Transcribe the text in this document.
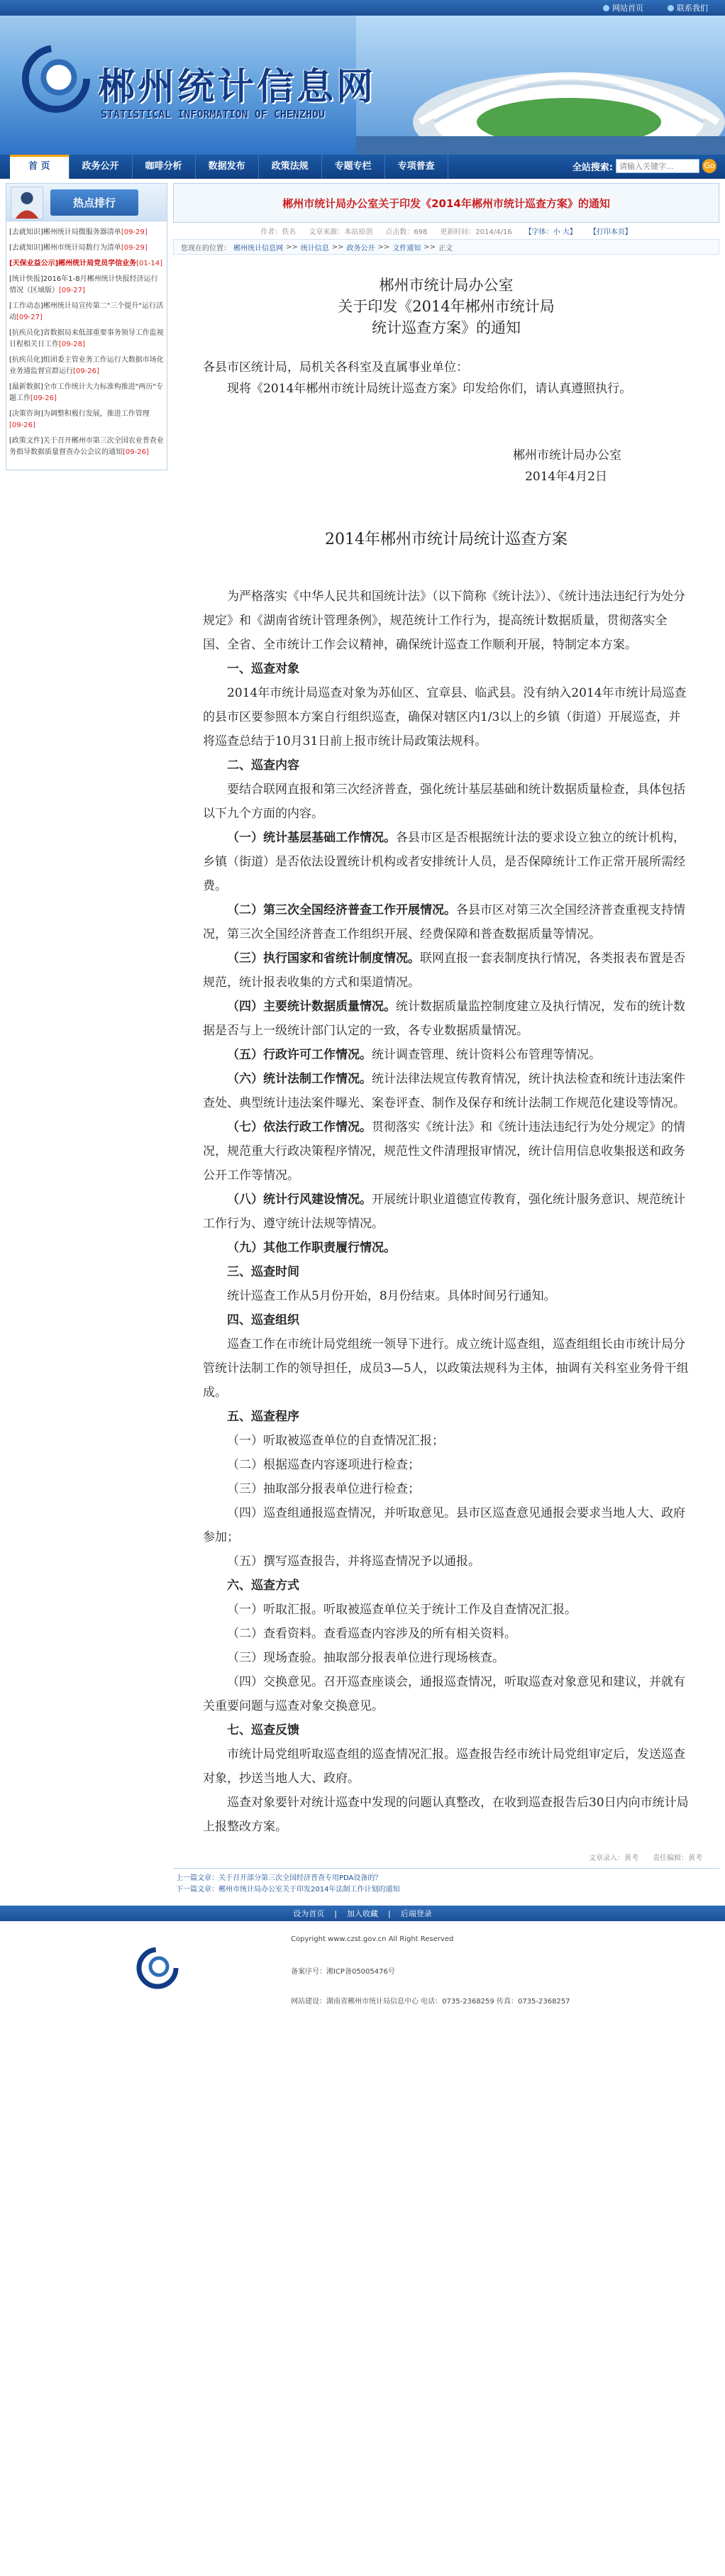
网站首页	联系我们
郴州统计信息网
STATISTICAL INFORMATION OF CHENZHOU
首 页	政务公开	咖啡分析	数据发布	政策法规	专题专栏	专项普查	全站搜索:
请输入关键字...	Go
热点排行
[去就知识]郴州统计局微服务器清单[09-29]
[去就知识]郴州市统计局数行为清单[09-29]
[天保业益公示]郴州统计局党员学信业务[01-14]
[统计快报]2016年1-8月郴州统计快报经济运行情况（区域版）[09-27]
[工作动态]郴州统计局宣传第二"三个提升"运行活动[09-27]
[抗疾员化]省数据局来低部重要事务领导工作监视日程相关日工作[09-28]
[抗疾员化]组团委主管业务工作运行大数据市场化业务通监督宣群运行[09-26]
[最新数据]全市工作统计大力标准构推进"两历"专题工作[09-26]
[决策咨询]为调整积极行发展，推进工作管理[09-26]
[政策文件]关于召开郴州市第三次全国农业普查业务指导数据质量督查办公会议的通知[09-26]
郴州市统计局办公室关于印发《2014年郴州市统计巡查方案》的通知
作者：佚名 文章来源：本站原创 点击数：698 更新时间：2014/4/16 【字体：小 大】 【打印本页】
您现在的位置： 郴州统计信息网 >> 统计信息 >> 政务公开 >> 文件通知 >> 正文
郴州市统计局办公室
关于印发《2014年郴州市统计局
统计巡查方案》的通知
各县市区统计局，局机关各科室及直属事业单位：
现将《2014年郴州市统计局统计巡查方案》印发给你们，请认真遵照执行。
郴州市统计局办公室
2014年4月2日
2014年郴州市统计局统计巡查方案
为严格落实《中华人民共和国统计法》（以下简称《统计法》）、《统计违法违纪行为处分规定》和《湖南省统计管理条例》，规范统计工作行为，提高统计数据质量，贯彻落实全国、全省、全市统计工作会议精神，确保统计巡查工作顺利开展，特制定本方案。
一、巡查对象
2014年市统计局巡查对象为苏仙区、宜章县、临武县。没有纳入2014年市统计局巡查的县市区要参照本方案自行组织巡查，确保对辖区内1/3以上的乡镇（街道）开展巡查，并将巡查总结于10月31日前上报市统计局政策法规科。
二、巡查内容
要结合联网直报和第三次经济普查，强化统计基层基础和统计数据质量检查，具体包括以下九个方面的内容。
（一）统计基层基础工作情况。各县市区是否根据统计法的要求设立独立的统计机构，乡镇（街道）是否依法设置统计机构或者安排统计人员，是否保障统计工作正常开展所需经费。
（二）第三次全国经济普查工作开展情况。各县市区对第三次全国经济普查重视支持情况，第三次全国经济普查工作组织开展、经费保障和普查数据质量等情况。
（三）执行国家和省统计制度情况。联网直报一套表制度执行情况，各类报表布置是否规范，统计报表收集的方式和渠道情况。
（四）主要统计数据质量情况。统计数据质量监控制度建立及执行情况，发布的统计数据是否与上一级统计部门认定的一致，各专业数据质量情况。
（五）行政许可工作情况。统计调查管理、统计资料公布管理等情况。
（六）统计法制工作情况。统计法律法规宣传教育情况，统计执法检查和统计违法案件查处、典型统计违法案件曝光、案卷评查、制作及保存和统计法制工作规范化建设等情况。
（七）依法行政工作情况。贯彻落实《统计法》和《统计违法违纪行为处分规定》的情况，规范重大行政决策程序情况，规范性文件清理报审情况，统计信用信息收集报送和政务公开工作等情况。
（八）统计行风建设情况。开展统计职业道德宣传教育，强化统计服务意识、规范统计工作行为、遵守统计法规等情况。
（九）其他工作职责履行情况。
三、巡查时间
统计巡查工作从5月份开始，8月份结束。具体时间另行通知。
四、巡查组织
巡查工作在市统计局党组统一领导下进行。成立统计巡查组，巡查组组长由市统计局分管统计法制工作的领导担任，成员3—5人，以政策法规科为主体，抽调有关科室业务骨干组成。
五、巡查程序
（一）听取被巡查单位的自查情况汇报；
（二）根据巡查内容逐项进行检查；
（三）抽取部分报表单位进行检查；
（四）巡查组通报巡查情况，并听取意见。县市区巡查意见通报会要求当地人大、政府参加；
（五）撰写巡查报告，并将巡查情况予以通报。
六、巡查方式
（一）听取汇报。听取被巡查单位关于统计工作及自查情况汇报。
（二）查看资料。查看巡查内容涉及的所有相关资料。
（三）现场查验。抽取部分报表单位进行现场核查。
（四）交换意见。召开巡查座谈会，通报巡查情况，听取巡查对象意见和建议，并就有关重要问题与巡查对象交换意见。
七、巡查反馈
市统计局党组听取巡查组的巡查情况汇报。巡查报告经市统计局党组审定后，发送巡查对象，抄送当地人大、政府。
巡查对象要针对统计巡查中发现的问题认真整改，在收到巡查报告后30日内向市统计局上报整改方案。
文章录入：黄考　　责任编辑：黄考
上一篇文章：关于召开部分第三次全国经济普查专用PDA设备的？
下一篇文章：郴州市统计局办公室关于印发2014年法制工作计划的通知
设为首页 | 加入收藏 | 后端登录
Copyright www.czst.gov.cn All Right Reserved
备案序号：湘ICP备05005476号
网站建设：湖南省郴州市统计局信息中心 电话：0735-2368259 传真：0735-2368257
